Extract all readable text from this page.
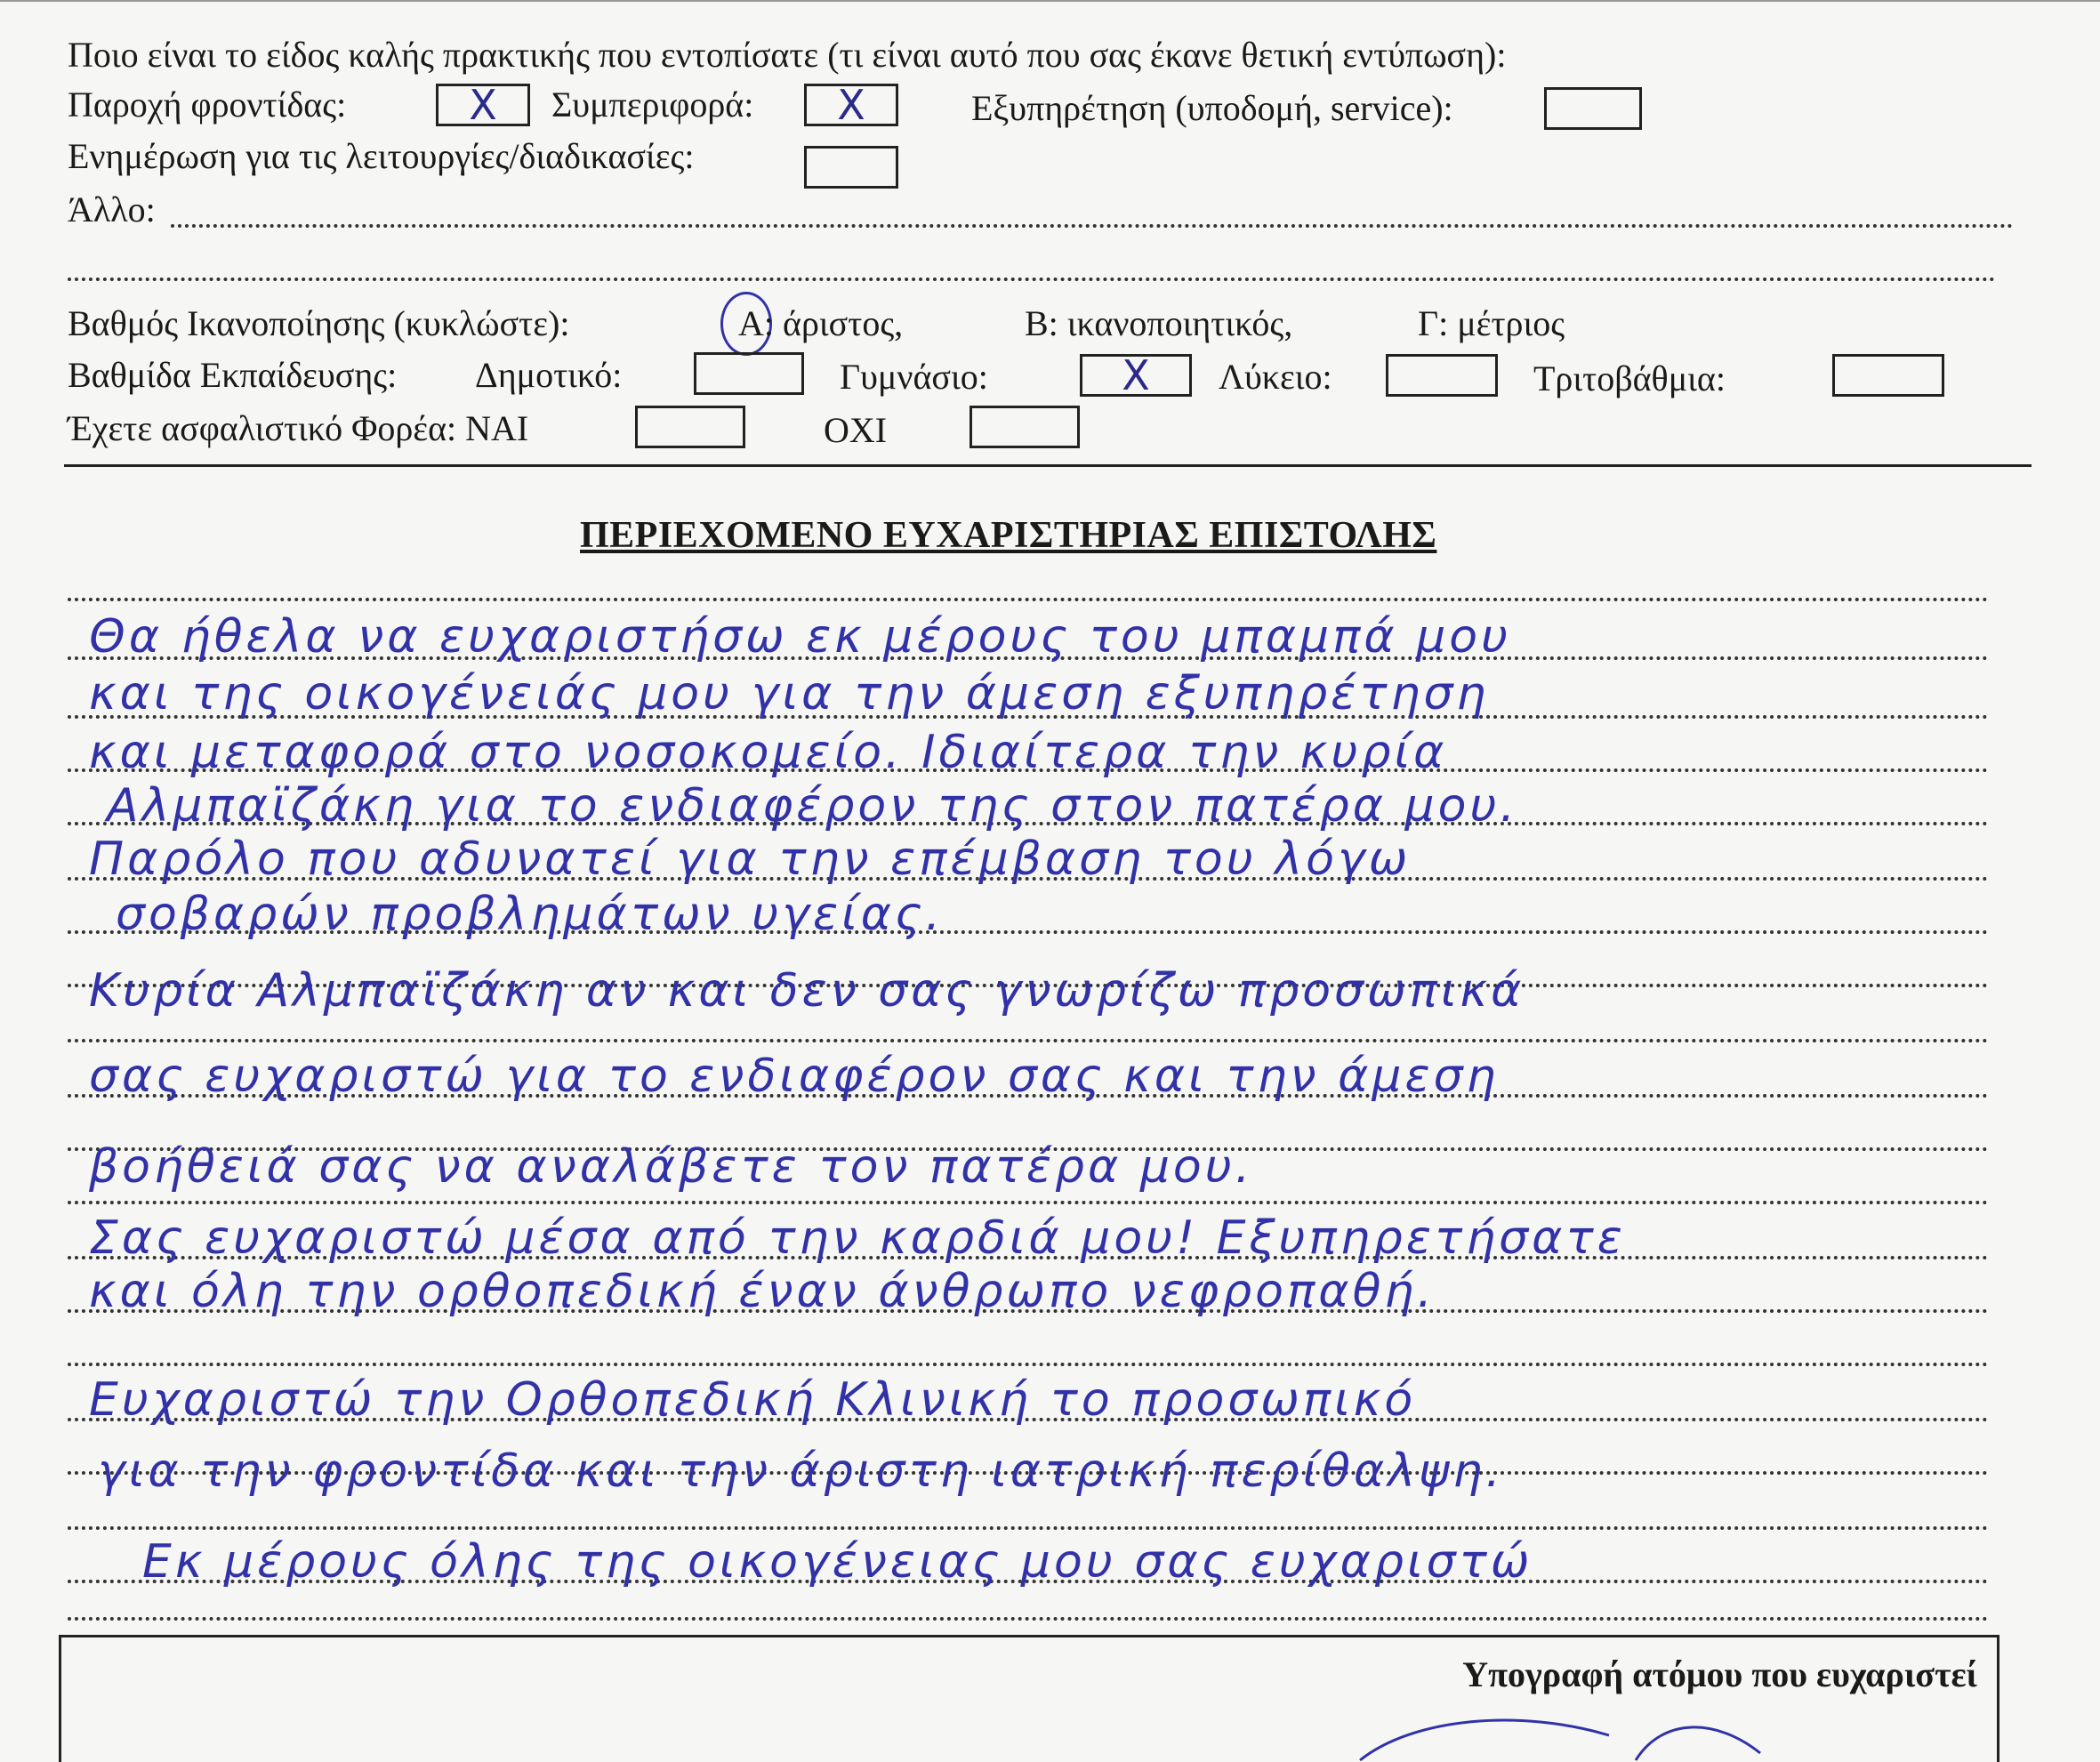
Ποιο είναι το είδος καλής πρακτικής που εντοπίσατε (τι είναι αυτό που σας έκανε θετική εντύπωση):
Παροχή φροντίδας:	X	Συμπεριφορά:	X	Εξυπηρέτηση (υποδομή, service):
Ενημέρωση για τις λειτουργίες/διαδικασίες:
Άλλο:
Βαθμός Ικανοποίησης (κυκλώστε):	Α: άριστος,	Β: ικανοποιητικός,	Γ: μέτριος
Βαθμίδα Εκπαίδευσης: Δημοτικό:	Γυμνάσιο:	X	Λύκειο:	Τριτοβάθμια:
Έχετε ασφαλιστικό Φορέα: ΝΑΙ	ΟΧΙ
ΠΕΡΙΕΧΟΜΕΝΟ ΕΥΧΑΡΙΣΤΗΡΙΑΣ ΕΠΙΣΤΟΛΗΣ
Θα ήθελα να ευχαριστήσω εκ μέρους του μπαμπά μου
και της οικογένειάς μου για την άμεση εξυπηρέτηση
και μεταφορά στο νοσοκομείο. Ιδιαίτερα την κυρία
Αλμπαϊζάκη για το ενδιαφέρον της στον πατέρα μου.
Παρόλο που αδυνατεί για την επέμβαση του λόγω
σοβαρών προβλημάτων υγείας.
Κυρία Αλμπαϊζάκη αν και δεν σας γνωρίζω προσωπικά
σας ευχαριστώ για το ενδιαφέρον σας και την άμεση
βοήθειά σας να αναλάβετε τον πατέρα μου.
Σας ευχαριστώ μέσα από την καρδιά μου! Εξυπηρετήσατε
και όλη την ορθοπεδική έναν άνθρωπο νεφροπαθή.
Ευχαριστώ την Ορθοπεδική Κλινική το προσωπικό
για την φροντίδα και την άριστη ιατρική περίθαλψη.
Εκ μέρους όλης της οικογένειας μου σας ευχαριστώ
Υπογραφή ατόμου που ευχαριστεί
